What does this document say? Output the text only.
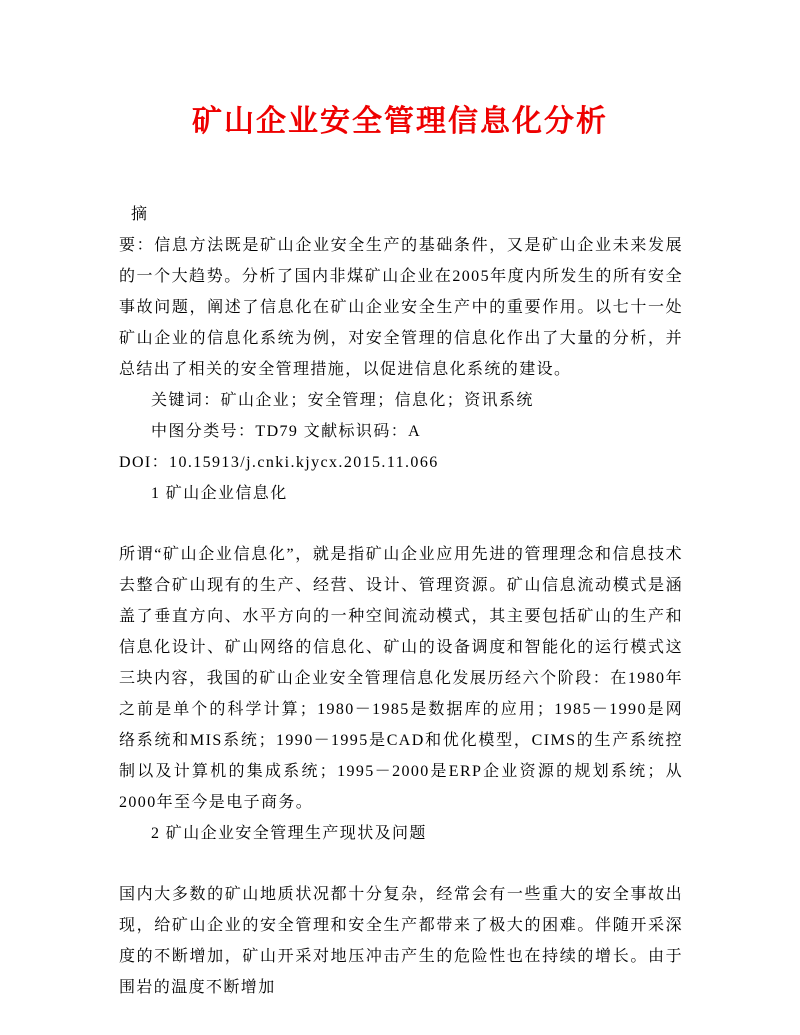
矿山企业安全管理信息化分析

摘

要：信息方法既是矿山企业安全生产的基础条件，又是矿山企业未来发展的一个大趋势。分析了国内非煤矿山企业在2005年度内所发生的所有安全事故问题，阐述了信息化在矿山企业安全生产中的重要作用。以七十一处矿山企业的信息化系统为例，对安全管理的信息化作出了大量的分析，并总结出了相关的安全管理措施，以促进信息化系统的建设。

关键词：矿山企业；安全管理；信息化；资讯系统

中图分类号：TD79 文献标识码：A

DOI：10.15913/j.cnki.kjycx.2015.11.066

1 矿山企业信息化

所谓“矿山企业信息化”，就是指矿山企业应用先进的管理理念和信息技术去整合矿山现有的生产、经营、设计、管理资源。矿山信息流动模式是涵盖了垂直方向、水平方向的一种空间流动模式，其主要包括矿山的生产和信息化设计、矿山网络的信息化、矿山的设备调度和智能化的运行模式这三块内容，我国的矿山企业安全管理信息化发展历经六个阶段：在1980年之前是单个的科学计算；1980－1985是数据库的应用；1985－1990是网络系统和MIS系统；1990－1995是CAD和优化模型，CIMS的生产系统控制以及计算机的集成系统；1995－2000是ERP企业资源的规划系统；从2000年至今是电子商务。

2 矿山企业安全管理生产现状及问题

国内大多数的矿山地质状况都十分复杂，经常会有一些重大的安全事故出现，给矿山企业的安全管理和安全生产都带来了极大的困难。伴随开采深度的不断增加，矿山开采对地压冲击产生的危险性也在持续的增长。由于围岩的温度不断增加
